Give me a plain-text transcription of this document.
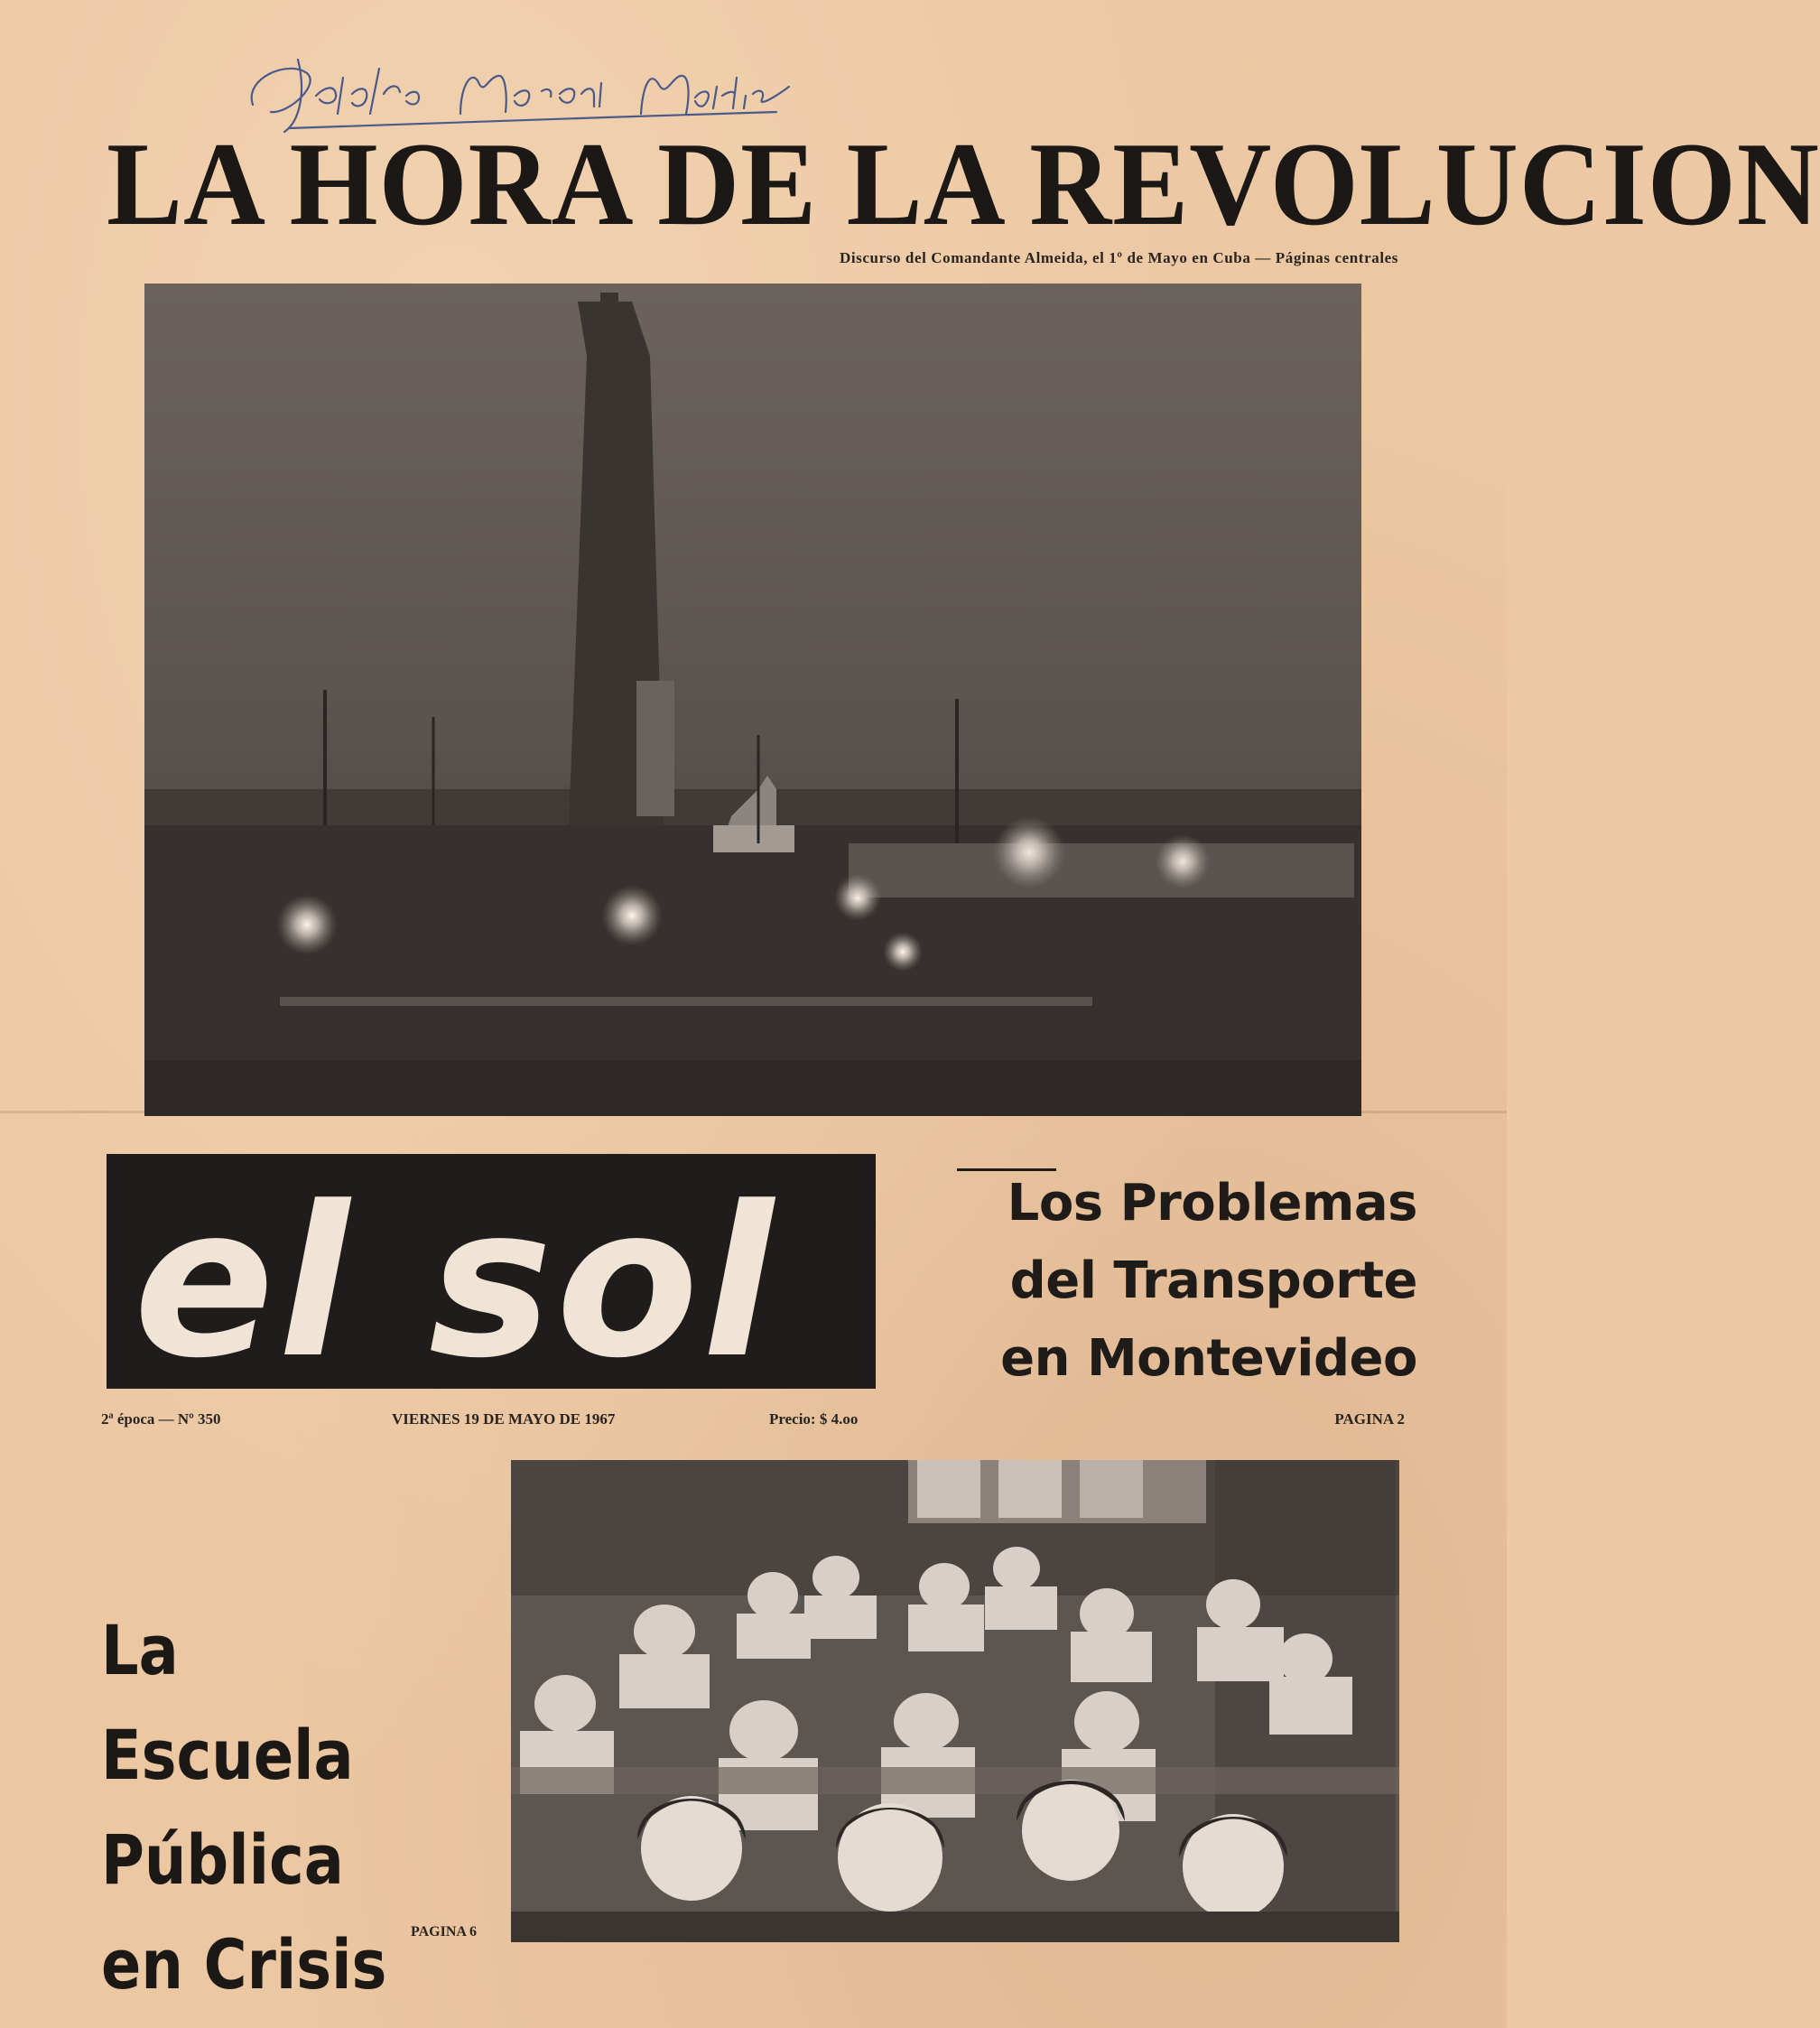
LA HORA DE LA REVOLUCION
Discurso del Comandante Almeida, el 1º de Mayo en Cuba — Páginas centrales
el sol	Los Problemas
del Transporte
en Montevideo
2ª época — Nº 350	VIERNES 19 DE MAYO DE 1967	Precio: $ 4.oo	PAGINA 2
La Escuela
Pública
en Crisis	PAGINA 6
